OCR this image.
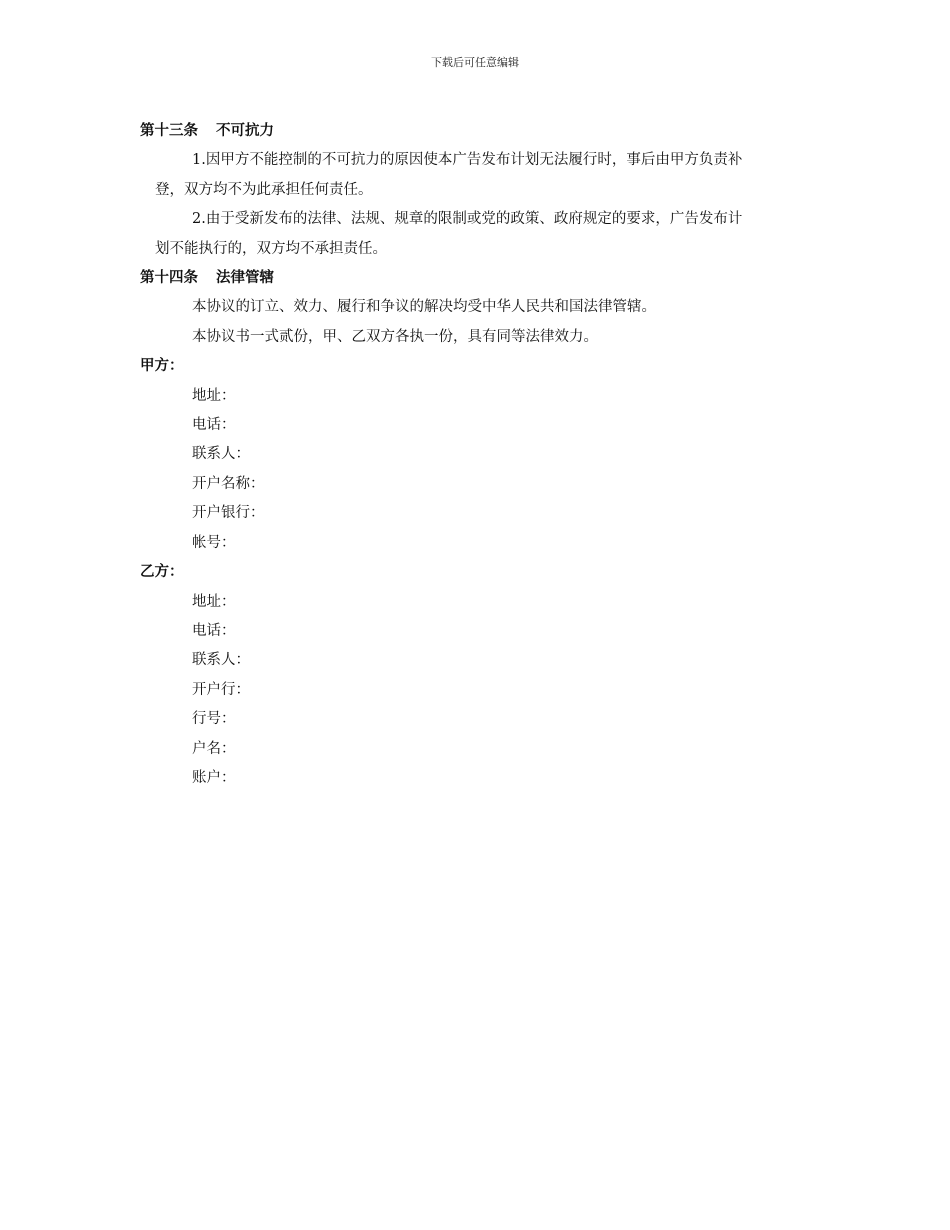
下载后可任意编辑
第十三条 不可抗力
1.因甲方不能控制的不可抗力的原因使本广告发布计划无法履行时，事后由甲方负责补
登，双方均不为此承担任何责任。
2.由于受新发布的法律、法规、规章的限制或党的政策、政府规定的要求，广告发布计
划不能执行的，双方均不承担责任。
第十四条 法律管辖
本协议的订立、效力、履行和争议的解决均受中华人民共和国法律管辖。
本协议书一式贰份，甲、乙双方各执一份，具有同等法律效力。
甲方：
地址：
电话：
联系人：
开户名称：
开户银行：
帐号：
乙方：
地址：
电话：
联系人：
开户行：
行号：
户名：
账户：
